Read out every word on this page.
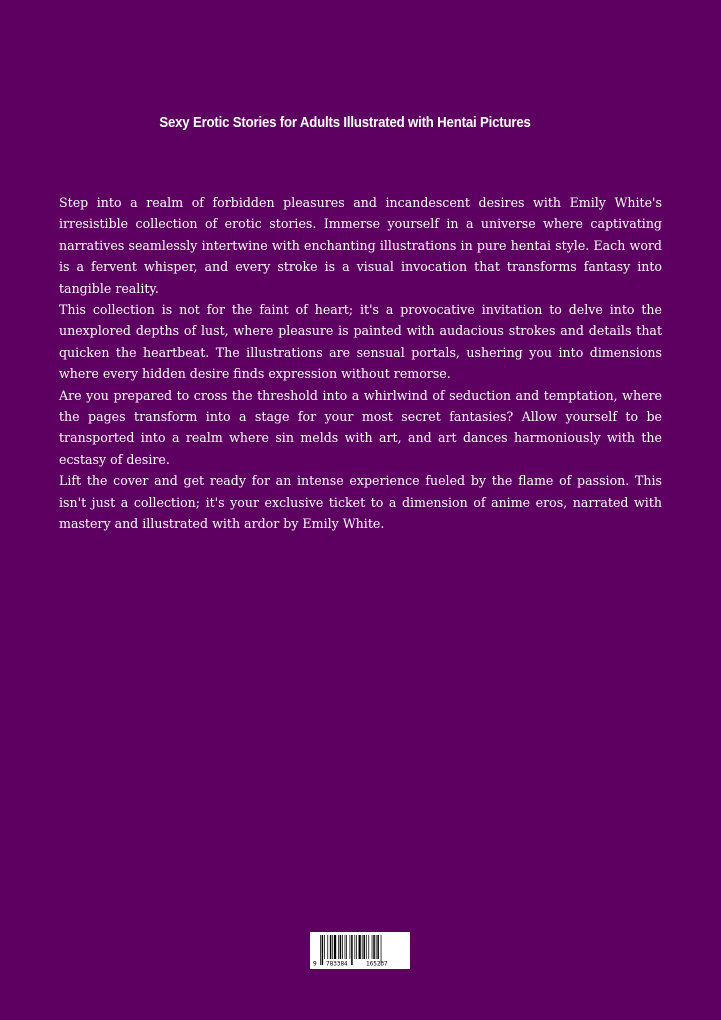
Sexy Erotic Stories for Adults Illustrated with Hentai Pictures

Step into a realm of forbidden pleasures and incandescent desires with Emily White's irresistible collection of erotic stories. Immerse yourself in a universe where captivating narratives seamlessly intertwine with enchanting illustrations in pure hentai style. Each word is a fervent whisper, and every stroke is a visual invocation that transforms fantasy into tangible reality.

This collection is not for the faint of heart; it's a provocative invitation to delve into the unexplored depths of lust, where pleasure is painted with audacious strokes and details that quicken the heartbeat. The illustrations are sensual portals, ushering you into dimensions where every hidden desire finds expression without remorse.

Are you prepared to cross the threshold into a whirlwind of seduction and temptation, where the pages transform into a stage for your most secret fantasies? Allow yourself to be transported into a realm where sin melds with art, and art dances harmoniously with the ecstasy of desire.

Lift the cover and get ready for an intense experience fueled by the flame of passion. This isn't just a collection; it's your exclusive ticket to a dimension of anime eros, narrated with mastery and illustrated with ardor by Emily White.

9 783384	165237
